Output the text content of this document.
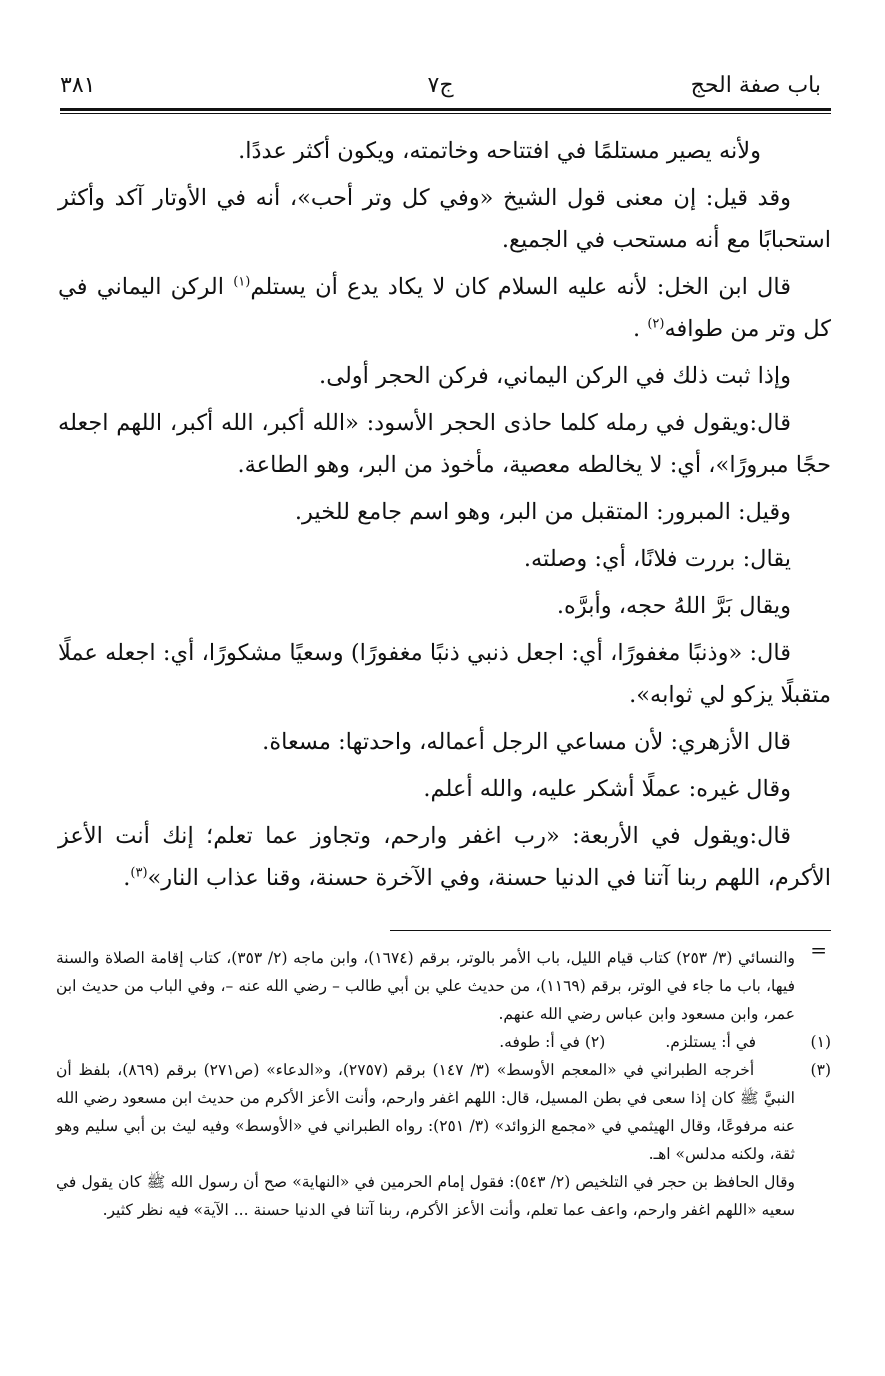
باب صفة الحج
ج٧
٣٨١

ولأنه يصير مستلمًا في افتتاحه وخاتمته، ويكون أكثر عددًا.

وقد قيل: إن معنى قول الشيخ «وفي كل وتر أحب»، أنه في الأوتار آكد وأكثر استحبابًا مع أنه مستحب في الجميع.

قال ابن الخل: لأنه عليه السلام كان لا يكاد يدع أن يستلم$^{(١)}$ الركن اليماني في كل وتر من طوافه$^{(٢)}$ .

وإذا ثبت ذلك في الركن اليماني، فركن الحجر أولى.

قال:ويقول في رمله كلما حاذى الحجر الأسود: «الله أكبر، الله أكبر، اللهم اجعله حجًا مبرورًا»، أي: لا يخالطه معصية، مأخوذ من البر، وهو الطاعة.

وقيل: المبرور: المتقبل من البر، وهو اسم جامع للخير.

يقال: بررت فلانًا، أي: وصلته.

ويقال بَرَّ اللهُ حجه، وأبرَّه.

قال: «وذنبًا مغفورًا، أي: اجعل ذنبي ذنبًا مغفورًا) وسعيًا مشكورًا، أي: اجعله عملًا متقبلًا يزكو لي ثوابه».

قال الأزهري: لأن مساعي الرجل أعماله، واحدتها: مسعاة.

وقال غيره: عملًا أشكر عليه، والله أعلم.

قال:ويقول في الأربعة: «رب اغفر وارحم، وتجاوز عما تعلم؛ إنك أنت الأعز الأكرم، اللهم ربنا آتنا في الدنيا حسنة، وفي الآخرة حسنة، وقنا عذاب النار»$^{(٣)}$.

=

والنسائي (٣/ ٢٥٣) كتاب قيام الليل، باب الأمر بالوتر، برقم (١٦٧٤)، وابن ماجه (٢/ ٣٥٣)، كتاب إقامة الصلاة والسنة فيها، باب ما جاء في الوتر، برقم (١١٦٩)، من حديث علي بن أبي طالب – رضي الله عنه –، وفي الباب من حديث ابن عمر، وابن مسعود وابن عباس رضي الله عنهم.

(١) في أ: يستلزم.(٢) في أ: طوفه.

(٣) أخرجه الطبراني في «المعجم الأوسط» (٣/ ١٤٧) برقم (٢٧٥٧)، و«الدعاء» (ص٢٧١) برقم (٨٦٩)، بلفظ أن النبيَّ ﷺ كان إذا سعى في بطن المسيل، قال: اللهم اغفر وارحم، وأنت الأعز الأكرم من حديث ابن مسعود رضي الله عنه مرفوعًا، وقال الهيثمي في «مجمع الزوائد» (٣/ ٢٥١): رواه الطبراني في «الأوسط» وفيه ليث بن أبي سليم وهو ثقة، ولكنه مدلس» اهـ.

وقال الحافظ بن حجر في التلخيص (٢/ ٥٤٣): فقول إمام الحرمين في «النهاية» صح أن رسول الله ﷺ كان يقول في سعيه «اللهم اغفر وارحم، واعف عما تعلم، وأنت الأعز الأكرم، ربنا آتنا في الدنيا حسنة ... الآية» فيه نظر كثير.
